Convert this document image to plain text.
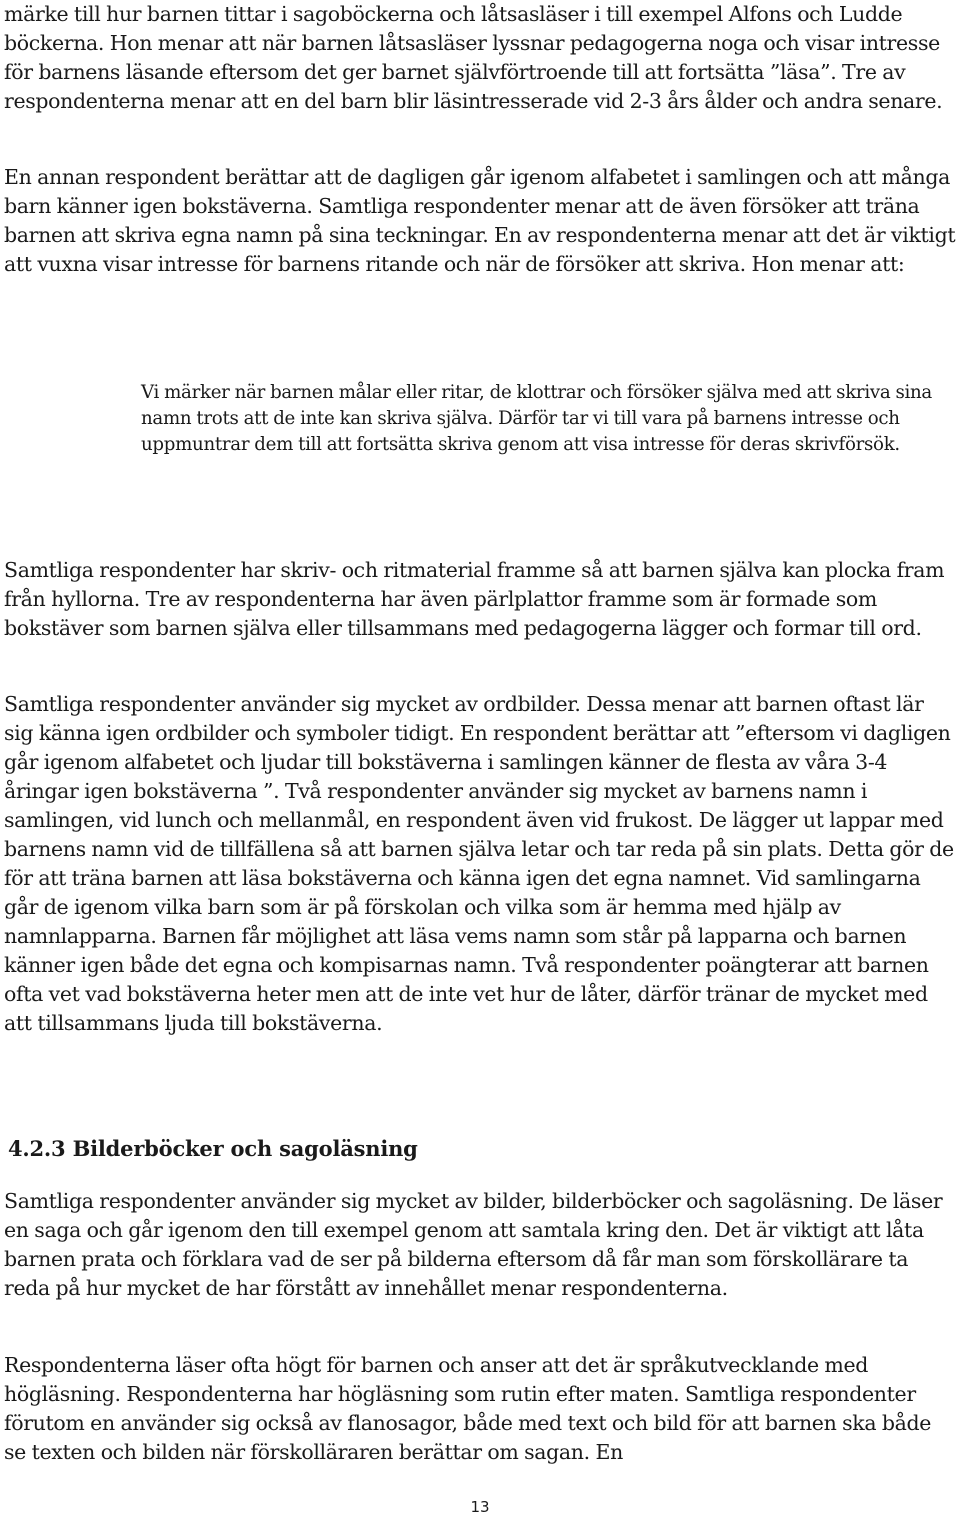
märke till hur barnen tittar i sagoböckerna och låtsasläser i till exempel Alfons och Ludde böckerna. Hon menar att när barnen låtsasläser lyssnar pedagogerna noga och visar intresse för barnens läsande eftersom det ger barnet självförtroende till att fortsätta ”läsa”. Tre av respondenterna menar att en del barn blir läsintresserade vid 2-3 års ålder och andra senare.

En annan respondent berättar att de dagligen går igenom alfabetet i samlingen och att många barn känner igen bokstäverna. Samtliga respondenter menar att de även försöker att träna barnen att skriva egna namn på sina teckningar. En av respondenterna menar att det är viktigt att vuxna visar intresse för barnens ritande och när de försöker att skriva. Hon menar att:

Vi märker när barnen målar eller ritar, de klottrar och försöker själva med att skriva sina namn trots att de inte kan skriva själva. Därför tar vi till vara på barnens intresse och uppmuntrar dem till att fortsätta skriva genom att visa intresse för deras skrivförsök.

Samtliga respondenter har skriv- och ritmaterial framme så att barnen själva kan plocka fram från hyllorna. Tre av respondenterna har även pärlplattor framme som är formade som bokstäver som barnen själva eller tillsammans med pedagogerna lägger och formar till ord.

Samtliga respondenter använder sig mycket av ordbilder. Dessa menar att barnen oftast lär sig känna igen ordbilder och symboler tidigt. En respondent berättar att ”eftersom vi dagligen går igenom alfabetet och ljudar till bokstäverna i samlingen känner de flesta av våra 3-4 åringar igen bokstäverna ”. Två respondenter använder sig mycket av barnens namn i samlingen, vid lunch och mellanmål, en respondent även vid frukost. De lägger ut lappar med barnens namn vid de tillfällena så att barnen själva letar och tar reda på sin plats. Detta gör de för att träna barnen att läsa bokstäverna och känna igen det egna namnet. Vid samlingarna går de igenom vilka barn som är på förskolan och vilka som är hemma med hjälp av namnlapparna. Barnen får möjlighet att läsa vems namn som står på lapparna och barnen känner igen både det egna och kompisarnas namn. Två respondenter poängterar att barnen ofta vet vad bokstäverna heter men att de inte vet hur de låter, därför tränar de mycket med att tillsammans ljuda till bokstäverna.

4.2.3 Bilderböcker och sagoläsning

Samtliga respondenter använder sig mycket av bilder, bilderböcker och sagoläsning. De läser en saga och går igenom den till exempel genom att samtala kring den. Det är viktigt att låta barnen prata och förklara vad de ser på bilderna eftersom då får man som förskollärare ta reda på hur mycket de har förstått av innehållet menar respondenterna.

Respondenterna läser ofta högt för barnen och anser att det är språkutvecklande med högläsning. Respondenterna har högläsning som rutin efter maten. Samtliga respondenter förutom en använder sig också av flanosagor, både med text och bild för att barnen ska både se texten och bilden när förskolläraren berättar om sagan. En

13
